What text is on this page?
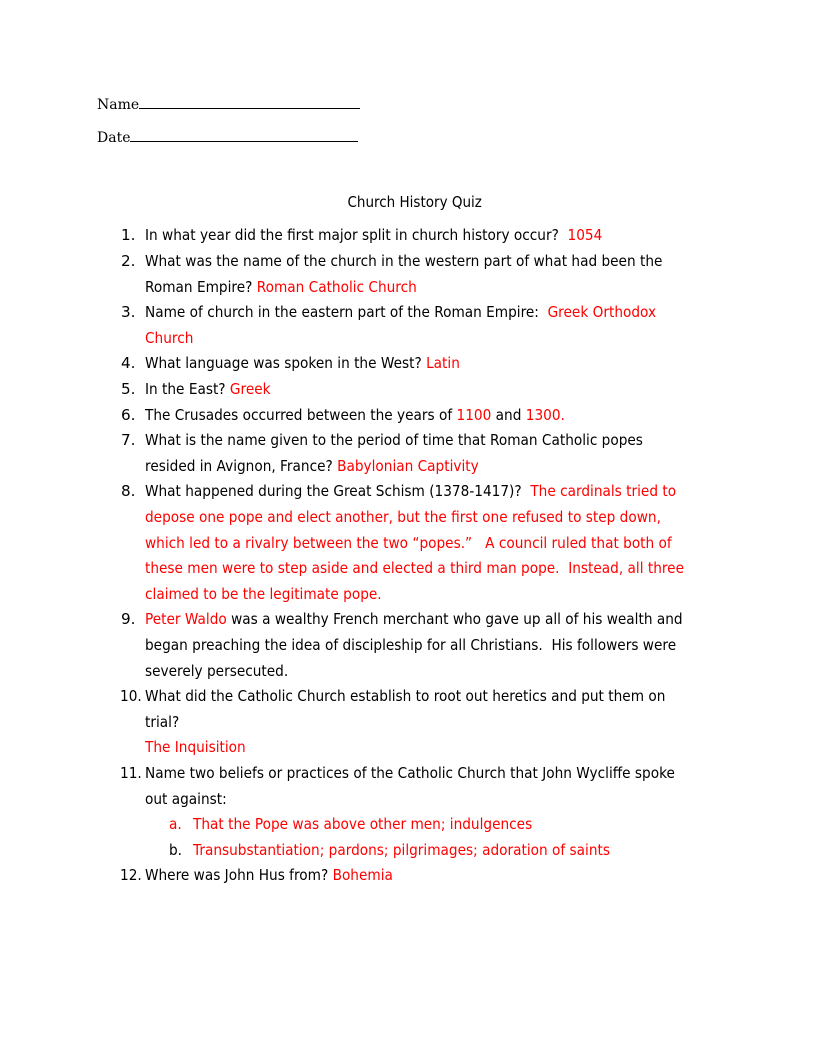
Name
Date
Church History Quiz
1. In what year did the first major split in church history occur? 1054
2. What was the name of the church in the western part of what had been the
Roman Empire? Roman Catholic Church
3. Name of church in the eastern part of the Roman Empire: Greek Orthodox
Church
4. What language was spoken in the West? Latin
5. In the East? Greek
6. The Crusades occurred between the years of 1100 and 1300.
7. What is the name given to the period of time that Roman Catholic popes
resided in Avignon, France? Babylonian Captivity
8. What happened during the Great Schism (1378-1417)? The cardinals tried to
depose one pope and elect another, but the first one refused to step down,
which led to a rivalry between the two “popes.”   A council ruled that both of
these men were to step aside and elected a third man pope.  Instead, all three
claimed to be the legitimate pope.
9. Peter Waldo was a wealthy French merchant who gave up all of his wealth and
began preaching the idea of discipleship for all Christians.  His followers were
severely persecuted.
10. What did the Catholic Church establish to root out heretics and put them on
trial?
The Inquisition
11. Name two beliefs or practices of the Catholic Church that John Wycliffe spoke
out against:
a. That the Pope was above other men; indulgences
b. Transubstantiation; pardons; pilgrimages; adoration of saints
12. Where was John Hus from? Bohemia
